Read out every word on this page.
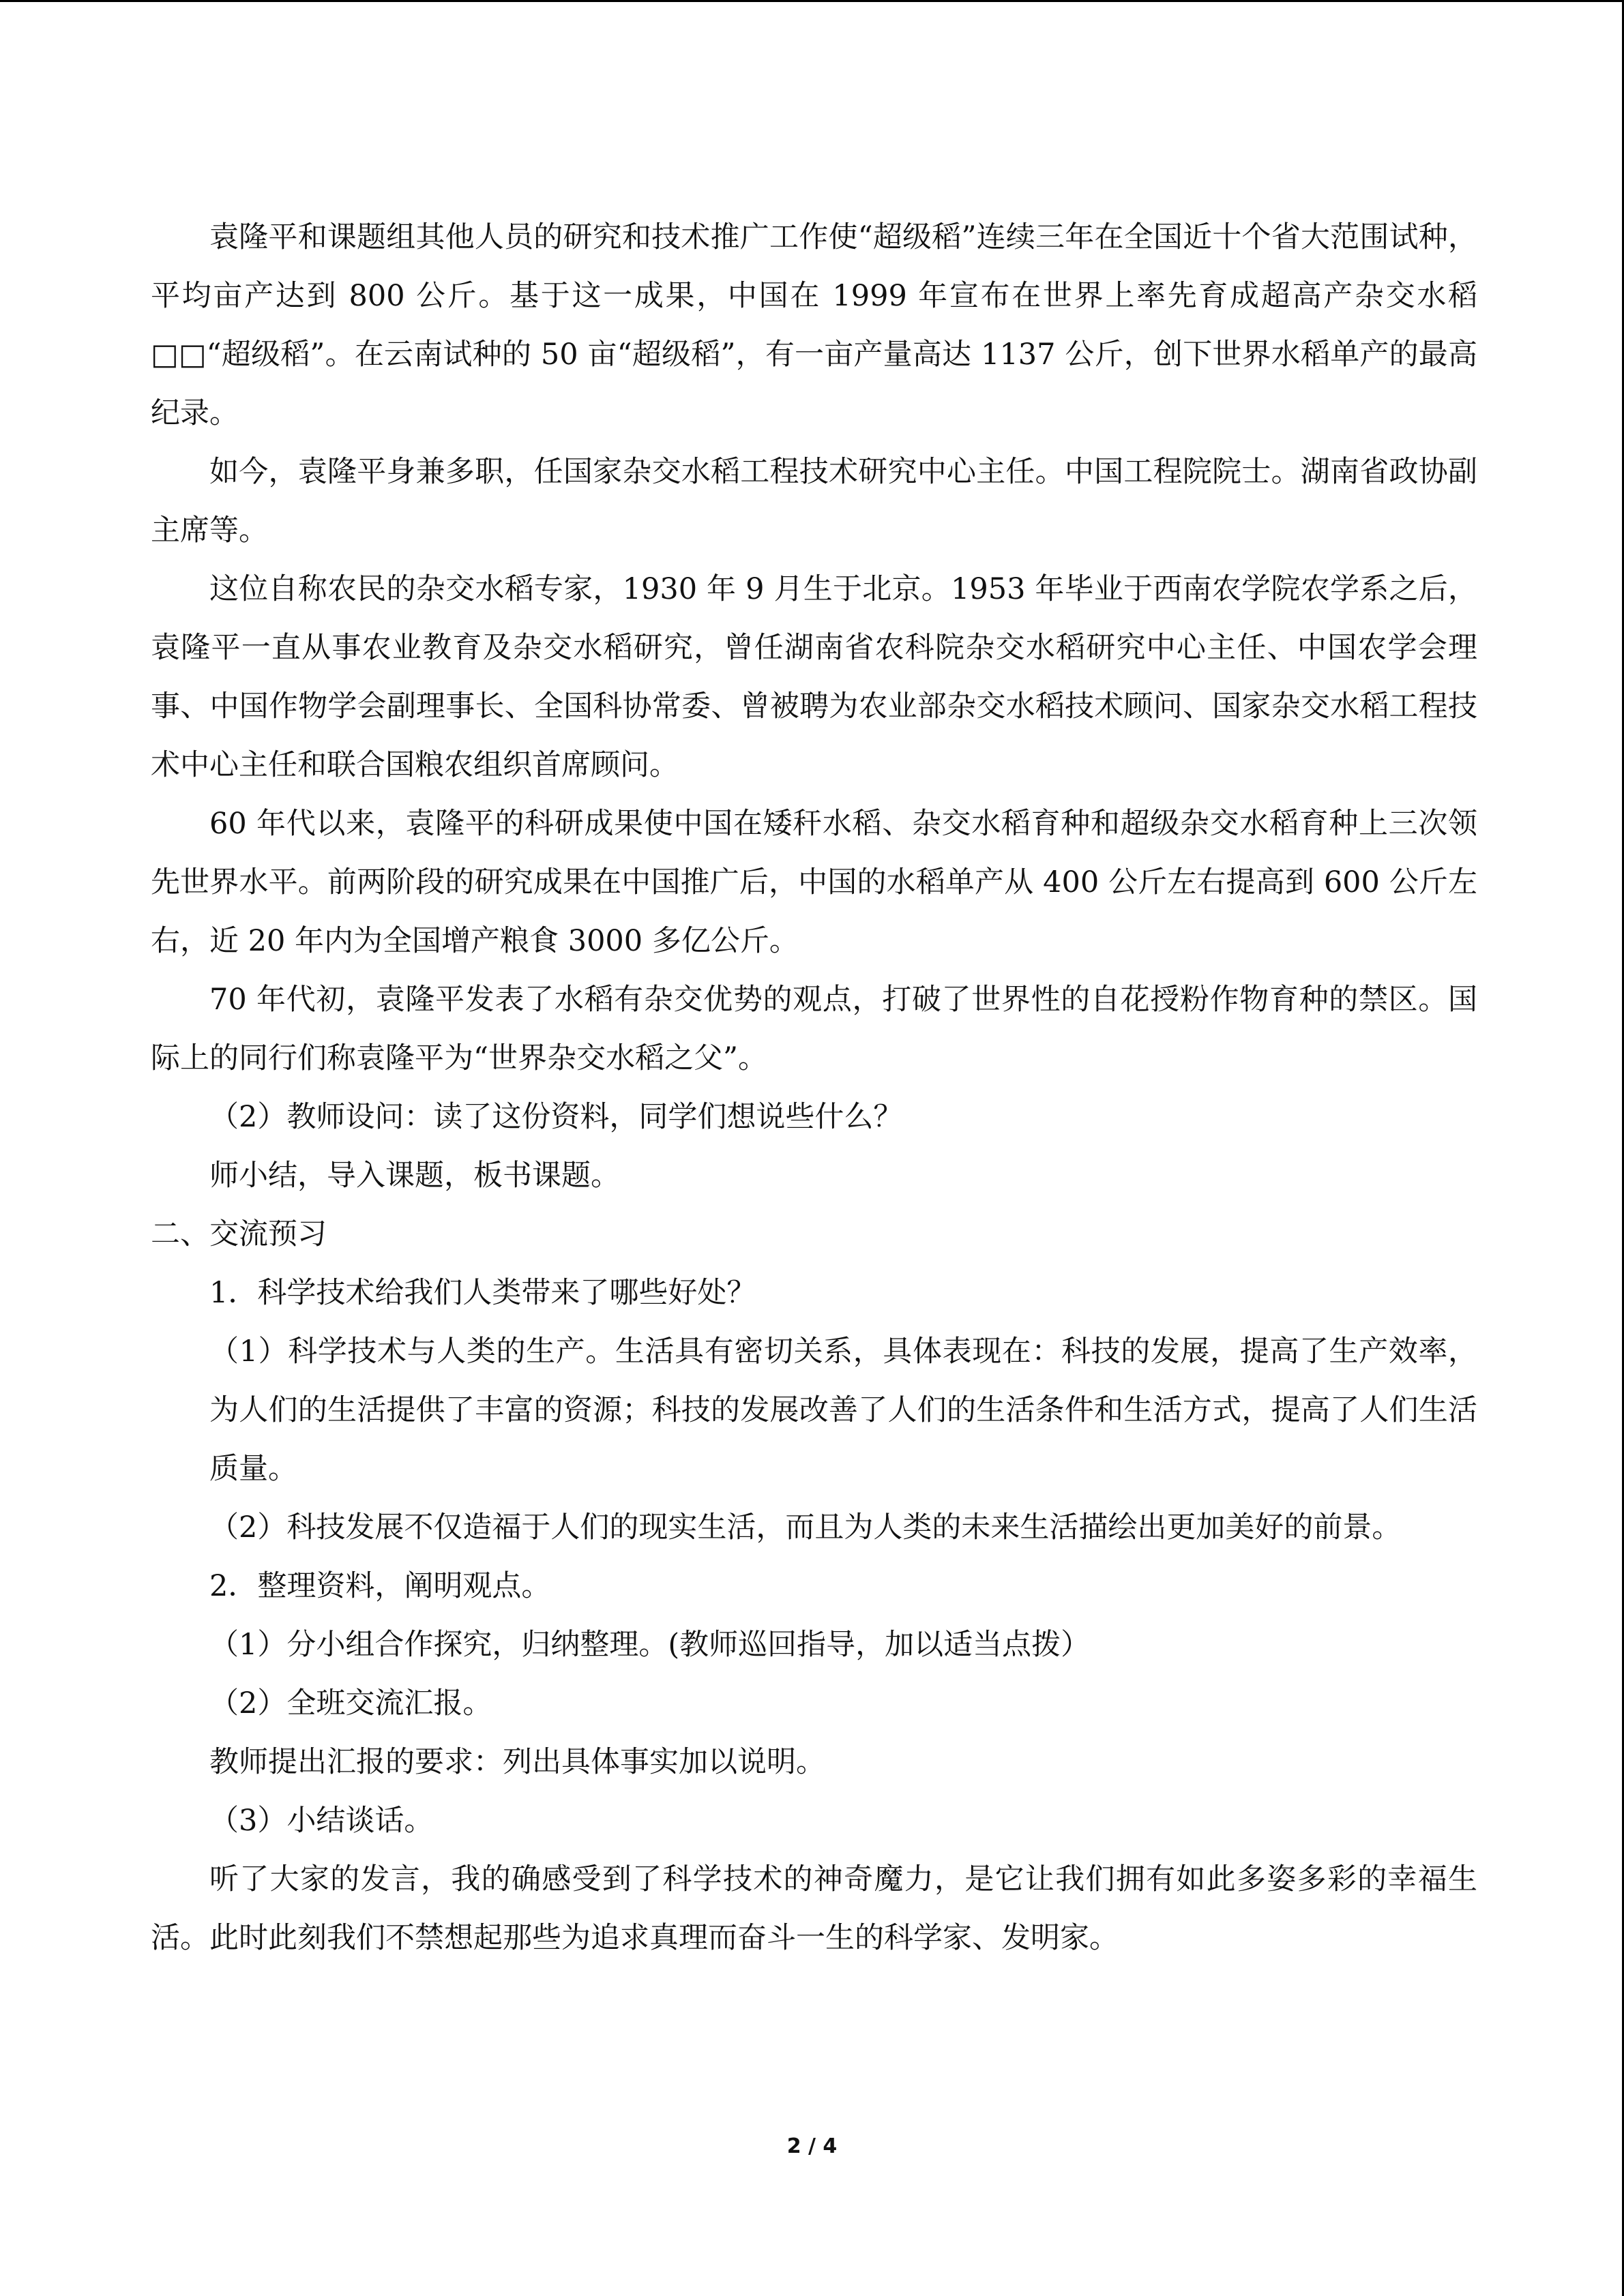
袁隆平和课题组其他人员的研究和技术推广工作使“超级稻”连续三年在全国近十个省大范围试种，平均亩产达到 800 公斤。基于这一成果，中国在 1999 年宣布在世界上率先育成超高产杂交水稻□□“超级稻”。在云南试种的 50 亩“超级稻”，有一亩产量高达 1137 公斤，创下世界水稻单产的最高纪录。

如今，袁隆平身兼多职，任国家杂交水稻工程技术研究中心主任。中国工程院院士。湖南省政协副主席等。

这位自称农民的杂交水稻专家，1930 年 9 月生于北京。1953 年毕业于西南农学院农学系之后，袁隆平一直从事农业教育及杂交水稻研究，曾任湖南省农科院杂交水稻研究中心主任、中国农学会理事、中国作物学会副理事长、全国科协常委、曾被聘为农业部杂交水稻技术顾问、国家杂交水稻工程技术中心主任和联合国粮农组织首席顾问。

60 年代以来，袁隆平的科研成果使中国在矮秆水稻、杂交水稻育种和超级杂交水稻育种上三次领先世界水平。前两阶段的研究成果在中国推广后，中国的水稻单产从 400 公斤左右提高到 600 公斤左右，近 20 年内为全国增产粮食 3000 多亿公斤。

70 年代初，袁隆平发表了水稻有杂交优势的观点，打破了世界性的自花授粉作物育种的禁区。国际上的同行们称袁隆平为“世界杂交水稻之父”。

（2）教师设问：读了这份资料，同学们想说些什么？

师小结，导入课题，板书课题。

二、交流预习

1．科学技术给我们人类带来了哪些好处？

（1）科学技术与人类的生产。生活具有密切关系，具体表现在：科技的发展，提高了生产效率，为人们的生活提供了丰富的资源；科技的发展改善了人们的生活条件和生活方式，提高了人们生活质量。

（2）科技发展不仅造福于人们的现实生活，而且为人类的未来生活描绘出更加美好的前景。

2．整理资料，阐明观点。

（1）分小组合作探究，归纳整理。(教师巡回指导，加以适当点拨）

（2）全班交流汇报。

教师提出汇报的要求：列出具体事实加以说明。

（3）小结谈话。

听了大家的发言，我的确感受到了科学技术的神奇魔力，是它让我们拥有如此多姿多彩的幸福生活。此时此刻我们不禁想起那些为追求真理而奋斗一生的科学家、发明家。

2 / 4
